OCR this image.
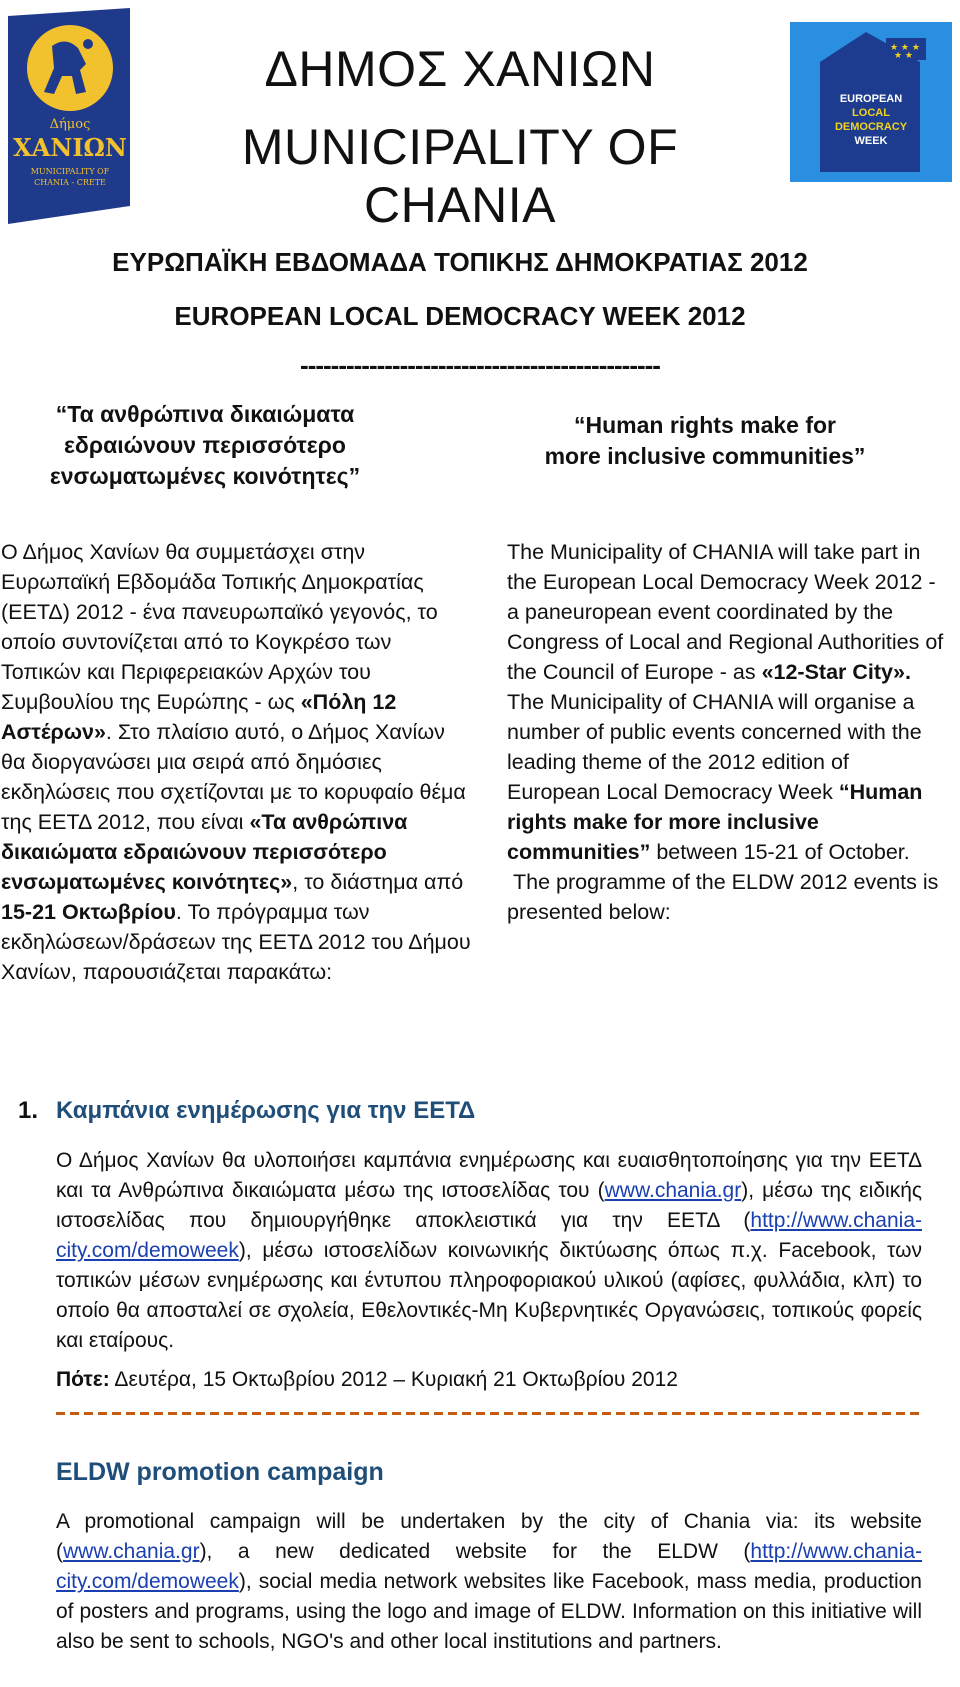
Δήμος
ΧΑΝΙΩΝ
MUNICIPALITY OF
CHANIA - CRETE
ΔΗΜΟΣ ΧΑΝΙΩΝ
MUNICIPALITY OF CHANIA
★ ★ ★
★ ★
EUROPEAN
LOCAL
DEMOCRACY
WEEK
ΕΥΡΩΠΑΪΚΗ ΕΒΔΟΜΑΔΑ ΤΟΠΙΚΗΣ ΔΗΜΟΚΡΑΤΙΑΣ 2012
EUROPEAN LOCAL DEMOCRACY WEEK 2012
-----------------------------------------------
“Τα ανθρώπινα δικαιώματα
εδραιώνουν περισσότερο
ενσωματωμένες κοινότητες”
“Human rights make for
more inclusive communities”

Ο Δήμος Χανίων θα συμμετάσχει στην Ευρωπαϊκή Εβδομάδα Τοπικής Δημοκρατίας (ΕΕΤΔ) 2012 - ένα πανευρωπαϊκό γεγονός, το οποίο συντονίζεται από το Κογκρέσο των Τοπικών και Περιφερειακών Αρχών του Συμβουλίου της Ευρώπης - ως «Πόλη 12 Αστέρων». Στο πλαίσιο αυτό, ο Δήμος Χανίων θα διοργανώσει μια σειρά από δημόσιες εκδηλώσεις που σχετίζονται με το κορυφαίο θέμα της ΕΕΤΔ 2012, που είναι «Τα ανθρώπινα δικαιώματα εδραιώνουν περισσότερο ενσωματωμένες κοινότητες», το διάστημα από 15-21 Οκτωβρίου. Το πρόγραμμα των εκδηλώσεων/δράσεων της ΕΕΤΔ 2012 του Δήμου Χανίων, παρουσιάζεται παρακάτω:

The Municipality of CHANIA will take part in the European Local Democracy Week 2012 - a paneuropean event coordinated by the Congress of Local and Regional Authorities of the Council of Europe - as «12-Star City».

The Municipality of CHANIA will organise a number of public events concerned with the leading theme of the 2012 edition of European Local Democracy Week “Human rights make for more inclusive communities” between 15-21 of October.

The programme of the ELDW 2012 events is presented below:

1. Καμπάνια ενημέρωσης για την ΕΕΤΔ
Ο Δήμος Χανίων θα υλοποιήσει καμπάνια ενημέρωσης και ευαισθητοποίησης για την ΕΕΤΔ και τα Ανθρώπινα δικαιώματα μέσω της ιστοσελίδας του (www.chania.gr), μέσω της ειδικής ιστοσελίδας που δημιουργήθηκε αποκλειστικά για την ΕΕΤΔ (http://www.chania-city.com/demoweek), μέσω ιστοσελίδων κοινωνικής δικτύωσης όπως π.χ. Facebook, των τοπικών μέσων ενημέρωσης και έντυπου πληροφοριακού υλικού (αφίσες, φυλλάδια, κλπ) το οποίο θα αποσταλεί σε σχολεία, Εθελοντικές-Μη Κυβερνητικές Οργανώσεις, τοπικούς φορείς και εταίρους.
Πότε: Δευτέρα, 15 Οκτωβρίου 2012 – Κυριακή 21 Οκτωβρίου 2012
ELDW promotion campaign
A promotional campaign will be undertaken by the city of Chania via: its website (www.chania.gr), a new dedicated website for the ELDW (http://www.chania-city.com/demoweek), social media network websites like Facebook, mass media, production of posters and programs, using the logo and image of ELDW. Information on this initiative will also be sent to schools, NGO's and other local institutions and partners.
